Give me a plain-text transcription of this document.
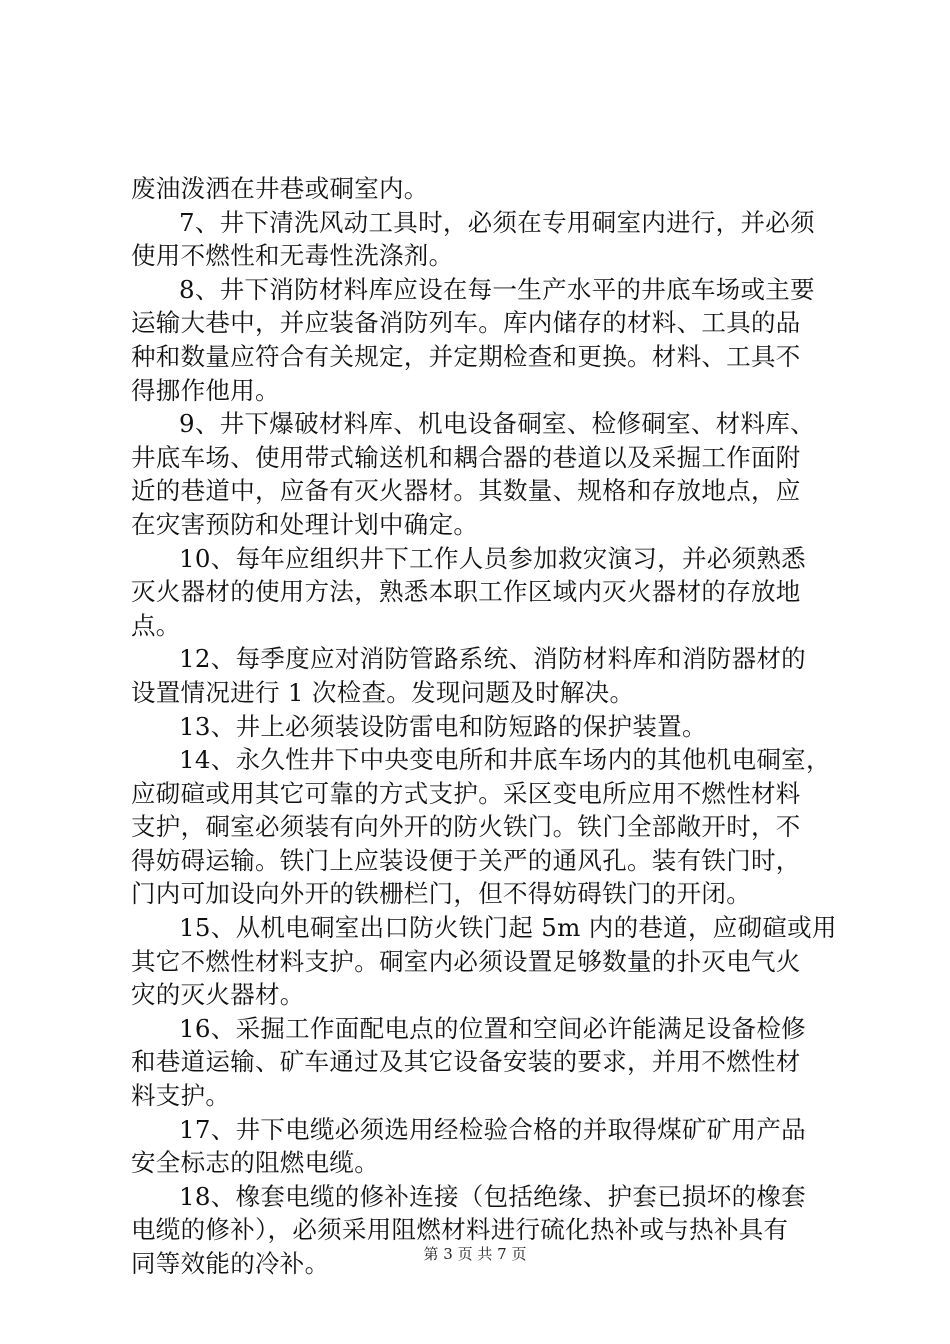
废油泼洒在井巷或硐室内。
7、井下清洗风动工具时，必须在专用硐室内进行，并必须
使用不燃性和无毒性洗涤剂。
8、井下消防材料库应设在每一生产水平的井底车场或主要
运输大巷中，并应装备消防列车。库内储存的材料、工具的品
种和数量应符合有关规定，并定期检查和更换。材料、工具不
得挪作他用。
9、井下爆破材料库、机电设备硐室、检修硐室、材料库、
井底车场、使用带式输送机和耦合器的巷道以及采掘工作面附
近的巷道中，应备有灭火器材。其数量、规格和存放地点，应
在灾害预防和处理计划中确定。
10、每年应组织井下工作人员参加救灾演习，并必须熟悉
灭火器材的使用方法，熟悉本职工作区域内灭火器材的存放地
点。
12、每季度应对消防管路系统、消防材料库和消防器材的
设置情况进行 1 次检查。发现问题及时解决。
13、井上必须装设防雷电和防短路的保护装置。
14、永久性井下中央变电所和井底车场内的其他机电硐室，
应砌碹或用其它可靠的方式支护。采区变电所应用不燃性材料
支护，硐室必须装有向外开的防火铁门。铁门全部敞开时，不
得妨碍运输。铁门上应装设便于关严的通风孔。装有铁门时，
门内可加设向外开的铁栅栏门，但不得妨碍铁门的开闭。
15、从机电硐室出口防火铁门起 5m 内的巷道，应砌碹或用
其它不燃性材料支护。硐室内必须设置足够数量的扑灭电气火
灾的灭火器材。
16、采掘工作面配电点的位置和空间必许能满足设备检修
和巷道运输、矿车通过及其它设备安装的要求，并用不燃性材
料支护。
17、井下电缆必须选用经检验合格的并取得煤矿矿用产品
安全标志的阻燃电缆。
18、橡套电缆的修补连接（包括绝缘、护套已损坏的橡套
电缆的修补），必须采用阻燃材料进行硫化热补或与热补具有
同等效能的冷补。	第 3 页 共 7 页
